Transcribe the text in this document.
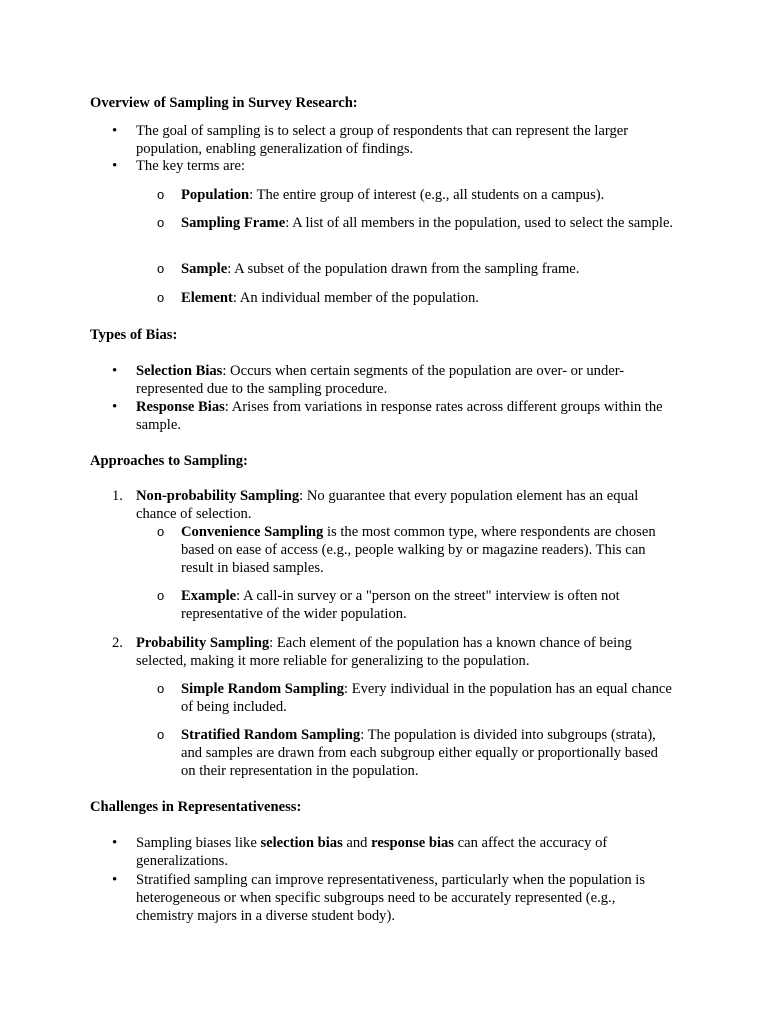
Overview of Sampling in Survey Research:
• The goal of sampling is to select a group of respondents that can represent the larger population, enabling generalization of findings.
• The key terms are:
o Population: The entire group of interest (e.g., all students on a campus).
o Sampling Frame: A list of all members in the population, used to select the sample.
o Sample: A subset of the population drawn from the sampling frame.
o Element: An individual member of the population.
Types of Bias:
• Selection Bias: Occurs when certain segments of the population are over- or under-represented due to the sampling procedure.
• Response Bias: Arises from variations in response rates across different groups within the sample.
Approaches to Sampling:
1. Non-probability Sampling: No guarantee that every population element has an equal chance of selection.
o Convenience Sampling is the most common type, where respondents are chosen based on ease of access (e.g., people walking by or magazine readers). This can result in biased samples.
o Example: A call-in survey or a "person on the street" interview is often not representative of the wider population.
2. Probability Sampling: Each element of the population has a known chance of being selected, making it more reliable for generalizing to the population.
o Simple Random Sampling: Every individual in the population has an equal chance of being included.
o Stratified Random Sampling: The population is divided into subgroups (strata), and samples are drawn from each subgroup either equally or proportionally based on their representation in the population.
Challenges in Representativeness:
• Sampling biases like selection bias and response bias can affect the accuracy of generalizations.
• Stratified sampling can improve representativeness, particularly when the population is heterogeneous or when specific subgroups need to be accurately represented (e.g., chemistry majors in a diverse student body).
